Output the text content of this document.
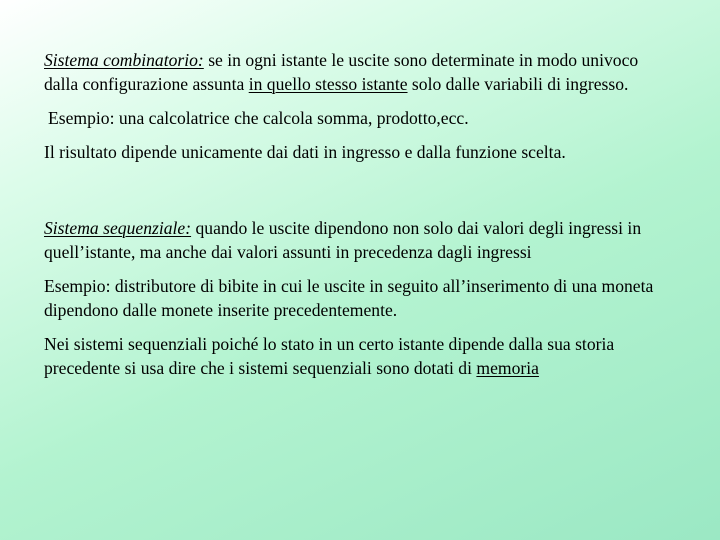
Sistema combinatorio: se in ogni istante le uscite sono determinate in modo univoco dalla configurazione assunta in quello stesso istante solo dalle variabili di ingresso.

Esempio: una calcolatrice che calcola somma, prodotto,ecc.

Il risultato dipende unicamente dai dati in ingresso e dalla funzione scelta.

Sistema sequenziale: quando le uscite dipendono non solo dai valori degli ingressi in quell’istante, ma anche dai valori assunti in precedenza dagli ingressi

Esempio: distributore di bibite in cui le uscite in seguito all’inserimento di una moneta dipendono dalle monete inserite precedentemente.

Nei sistemi sequenziali poiché lo stato in un certo istante dipende dalla sua storia precedente si usa dire che i sistemi sequenziali sono dotati di memoria
